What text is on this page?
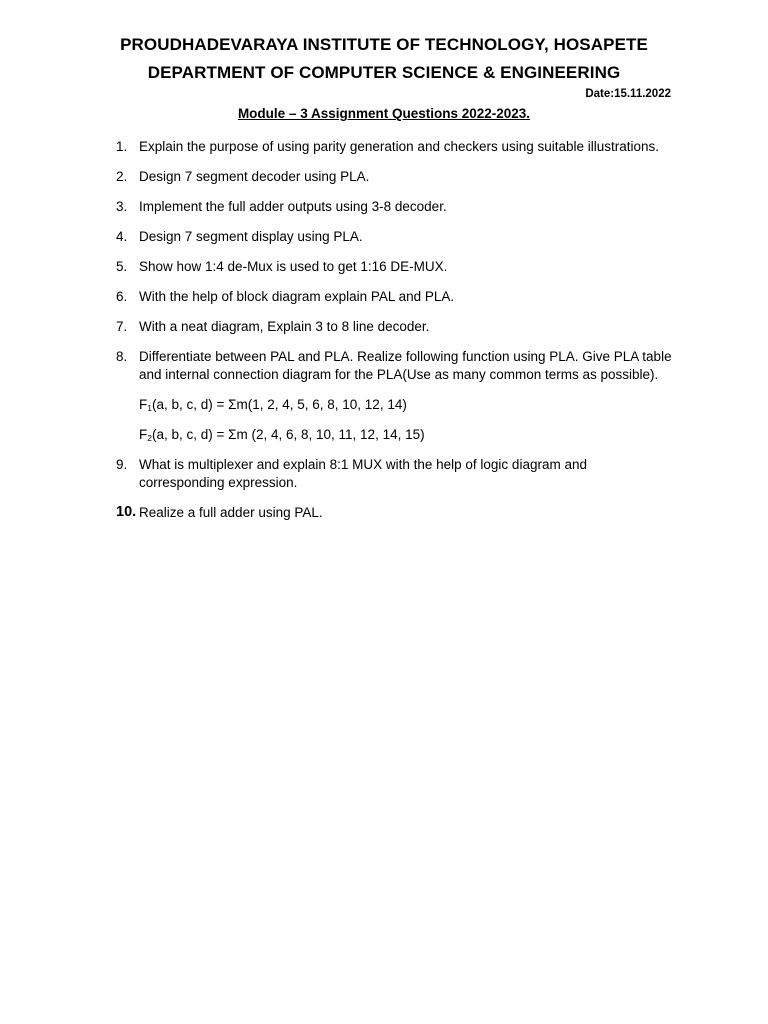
PROUDHADEVARAYA INSTITUTE OF TECHNOLOGY, HOSAPETE
DEPARTMENT OF COMPUTER SCIENCE & ENGINEERING
Date:15.11.2022
Module – 3 Assignment Questions 2022-2023.
1. Explain the purpose of using parity generation and checkers using suitable illustrations.
2. Design 7 segment decoder using PLA.
3. Implement the full adder outputs using 3-8 decoder.
4. Design 7 segment display using PLA.
5. Show how 1:4 de-Mux is used to get 1:16 DE-MUX.
6. With the help of block diagram explain PAL and PLA.
7. With a neat diagram, Explain 3 to 8 line decoder.
8. Differentiate between PAL and PLA. Realize following function using PLA. Give PLA table and internal connection diagram for the PLA(Use as many common terms as possible).
$F_1(a$, b, c, d) = Σm(1, 2, 4, 5, 6, 8, 10, 12, 14)
$F_2(a$, b, c, d) = Σm (2, 4, 6, 8, 10, 11, 12, 14, 15)
9. What is multiplexer and explain 8:1 MUX with the help of logic diagram and corresponding expression.
10. Realize a full adder using PAL.
